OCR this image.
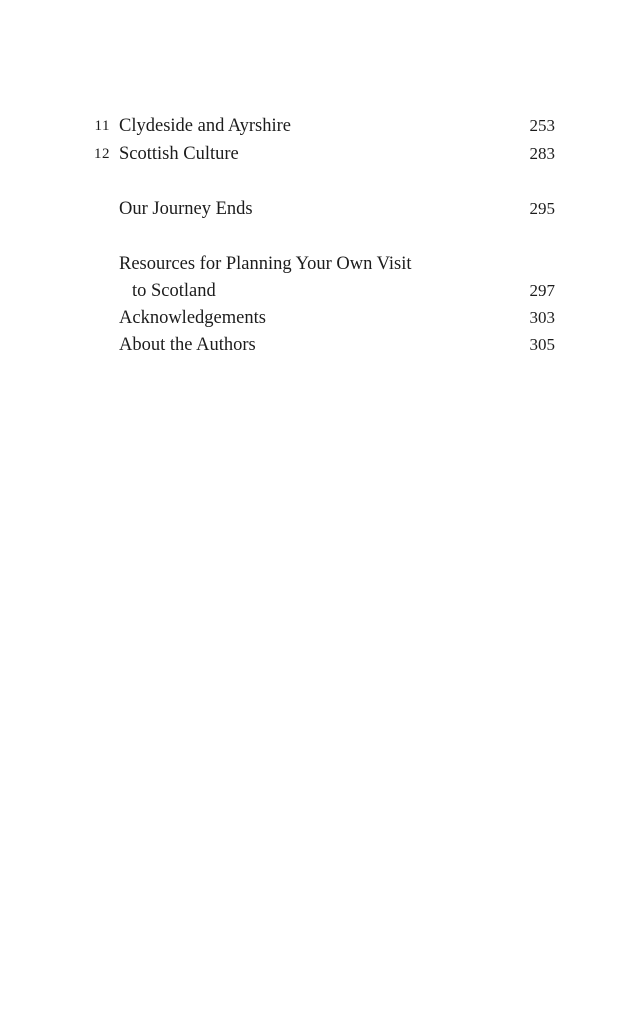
11 Clydeside and Ayrshire	253
12 Scottish Culture	283
Our Journey Ends	295
Resources for Planning Your Own Visit
to Scotland	297
Acknowledgements	303
About the Authors	305
